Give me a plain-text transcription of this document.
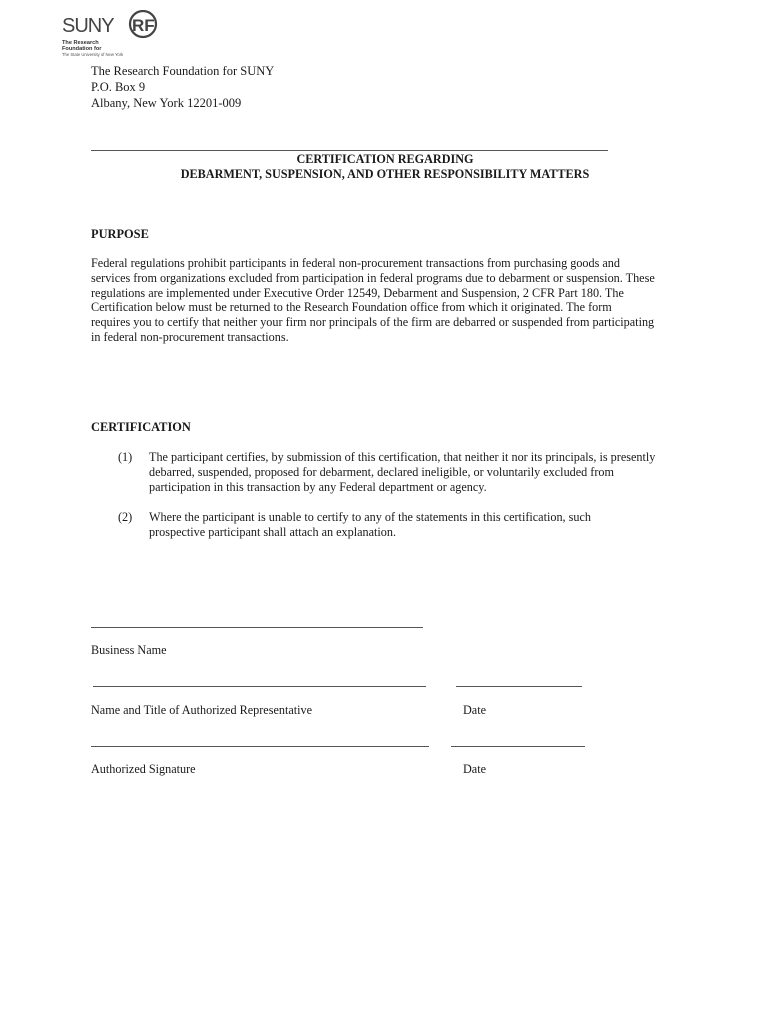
SUNY RF
The Research
Foundation for
The State University of New York
The Research Foundation for SUNY
P.O. Box 9
Albany, New York 12201-009
CERTIFICATION REGARDING
DEBARMENT, SUSPENSION, AND OTHER RESPONSIBILITY MATTERS
PURPOSE
Federal regulations prohibit participants in federal non-procurement transactions from purchasing goods and
services from organizations excluded from participation in federal programs due to debarment or suspension. These
regulations are implemented under Executive Order 12549, Debarment and Suspension, 2 CFR Part 180. The
Certification below must be returned to the Research Foundation office from which it originated. The form
requires you to certify that neither your firm nor principals of the firm are debarred or suspended from participating
in federal non-procurement transactions.
CERTIFICATION
(1) The participant certifies, by submission of this certification, that neither it nor its principals, is presently
debarred, suspended, proposed for debarment, declared ineligible, or voluntarily excluded from
participation in this transaction by any Federal department or agency.
(2) Where the participant is unable to certify to any of the statements in this certification, such
prospective participant shall attach an explanation.
Business Name
Name and Title of Authorized Representative	Date
Authorized Signature	Date
